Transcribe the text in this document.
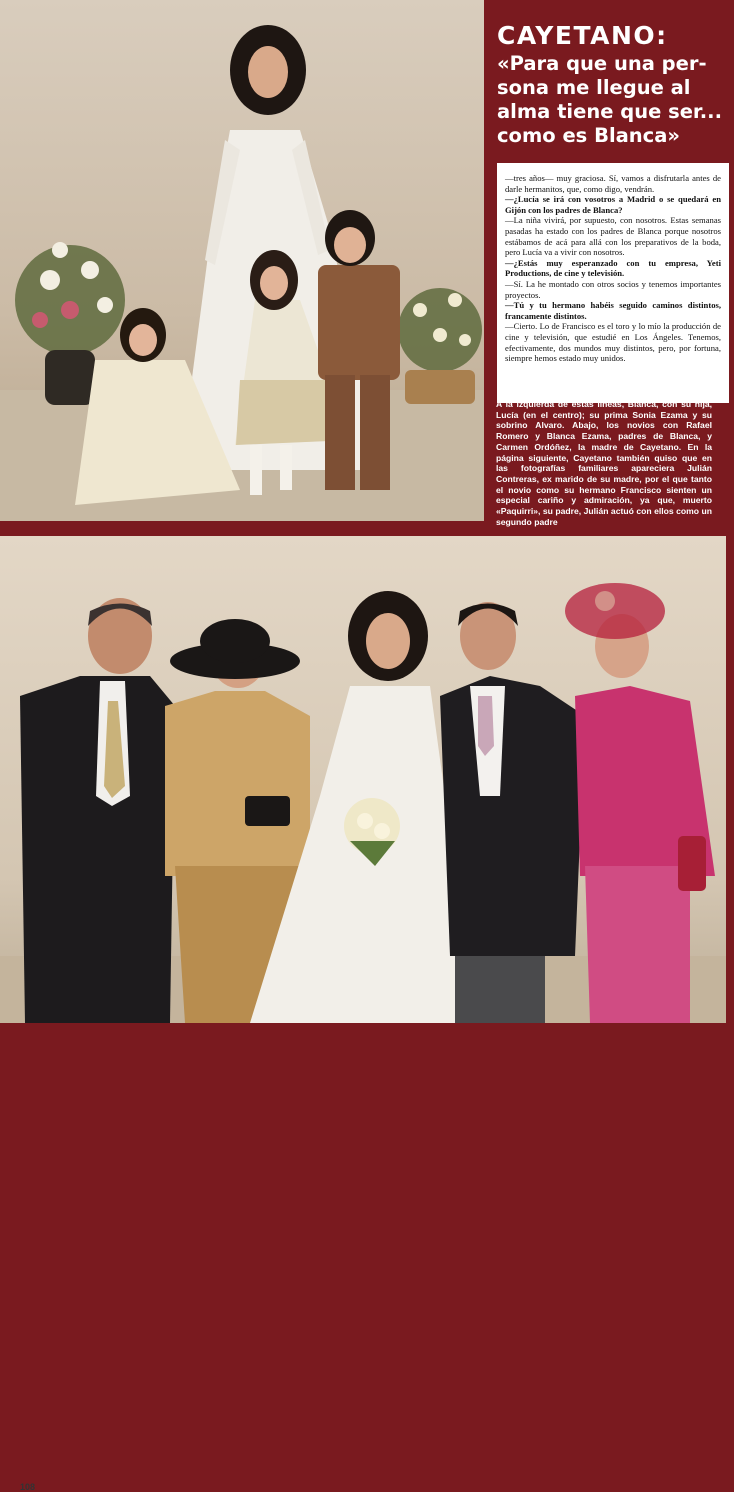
CAYETANO:
«Para que una per-
sona me llegue al
alma tiene que ser...
como es Blanca»

—tres años— muy graciosa. Sí, vamos a disfrutarla antes de darle hermanitos, que, como digo, vendrán.

—¿Lucía se irá con vosotros a Madrid o se quedará en Gijón con los padres de Blanca?

—La niña vivirá, por supuesto, con nosotros. Estas semanas pasadas ha estado con los padres de Blanca porque nosotros estábamos de acá para allá con los preparativos de la boda, pero Lucía va a vivir con nosotros.

—¿Estás muy esperanzado con tu empresa, Yeti Productions, de cine y televisión.

—Sí. La he montado con otros socios y tenemos importantes proyectos.

—Tú y tu hermano habéis seguido caminos distintos, francamente distintos.

—Cierto. Lo de Francisco es el toro y lo mío la producción de cine y televisión, que estudié en Los Ángeles. Tenemos, efectivamente, dos mundos muy distintos, pero, por fortuna, siempre hemos estado muy unidos.

A la izquierda de estas líneas, Blanca, con su hija, Lucía (en el centro); su prima Sonia Ezama y su sobrino Alvaro. Abajo, los novios con Rafael Romero y Blanca Ezama, padres de Blanca, y Carmen Ordóñez, la madre de Cayetano. En la página siguiente, Cayetano también quiso que en las fotografías familiares apareciera Julián Contreras, ex marido de su madre, por el que tanto el novio como su hermano Francisco sienten un especial cariño y admiración, ya que, muerto «Paquirri», su padre, Julián actuó con ellos como un segundo padre
108
